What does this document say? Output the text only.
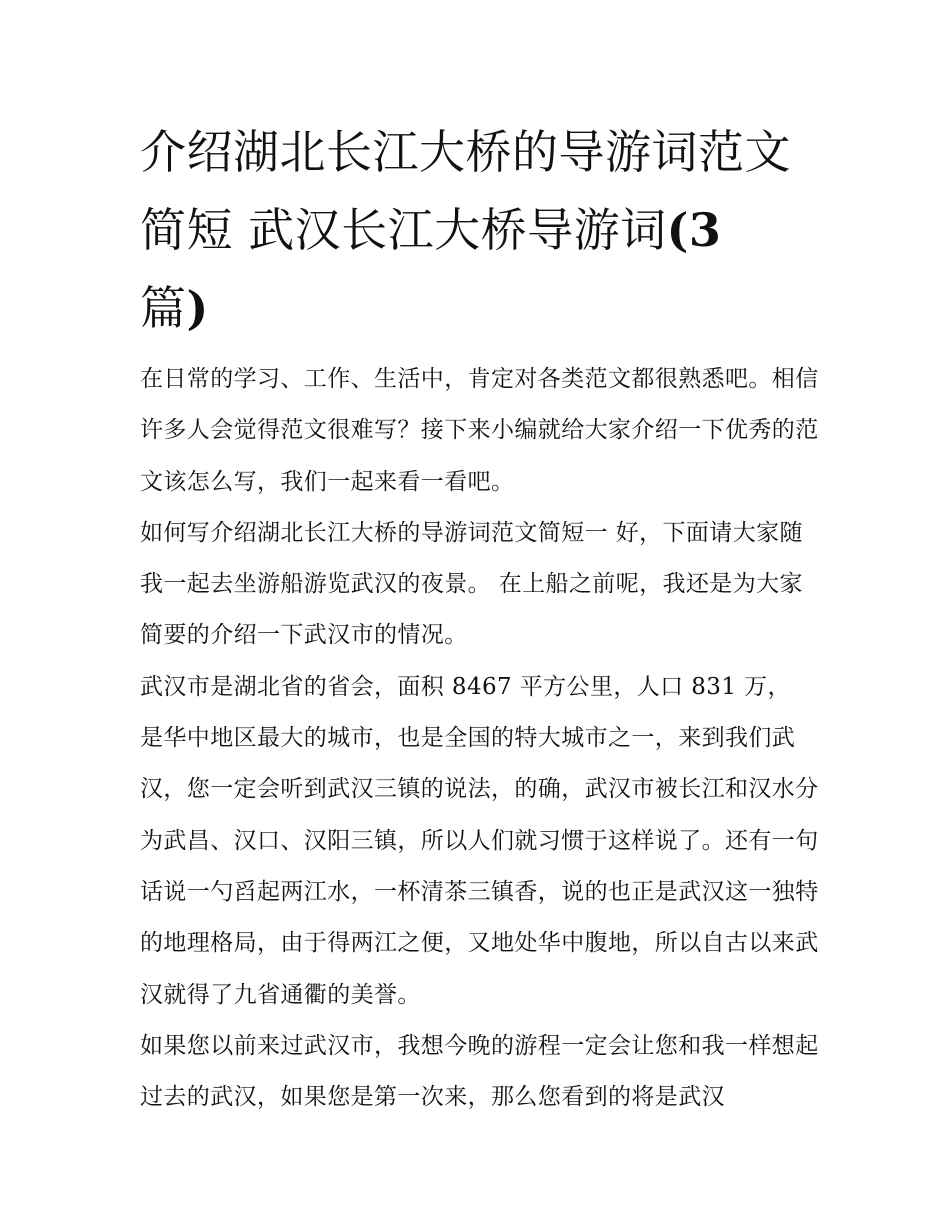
介绍湖北长江大桥的导游词范文简短 武汉长江大桥导游词(3
篇)

在日常的学习、工作、生活中，肯定对各类范文都很熟悉吧。相信许多人会觉得范文很难写？接下来小编就给大家介绍一下优秀的范文该怎么写，我们一起来看一看吧。

如何写介绍湖北长江大桥的导游词范文简短一 好，下面请大家随我一起去坐游船游览武汉的夜景。 在上船之前呢，我还是为大家简要的介绍一下武汉市的情况。

武汉市是湖北省的省会，面积 8467 平方公里，人口 831 万，

是华中地区最大的城市，也是全国的特大城市之一，来到我们武汉，您一定会听到武汉三镇的说法，的确，武汉市被长江和汉水分为武昌、汉口、汉阳三镇，所以人们就习惯于这样说了。还有一句话说一勺舀起两江水，一杯清茶三镇香，说的也正是武汉这一独特的地理格局，由于得两江之便，又地处华中腹地，所以自古以来武汉就得了九省通衢的美誉。

如果您以前来过武汉市，我想今晚的游程一定会让您和我一样想起过去的武汉，如果您是第一次来，那么您看到的将是武汉
